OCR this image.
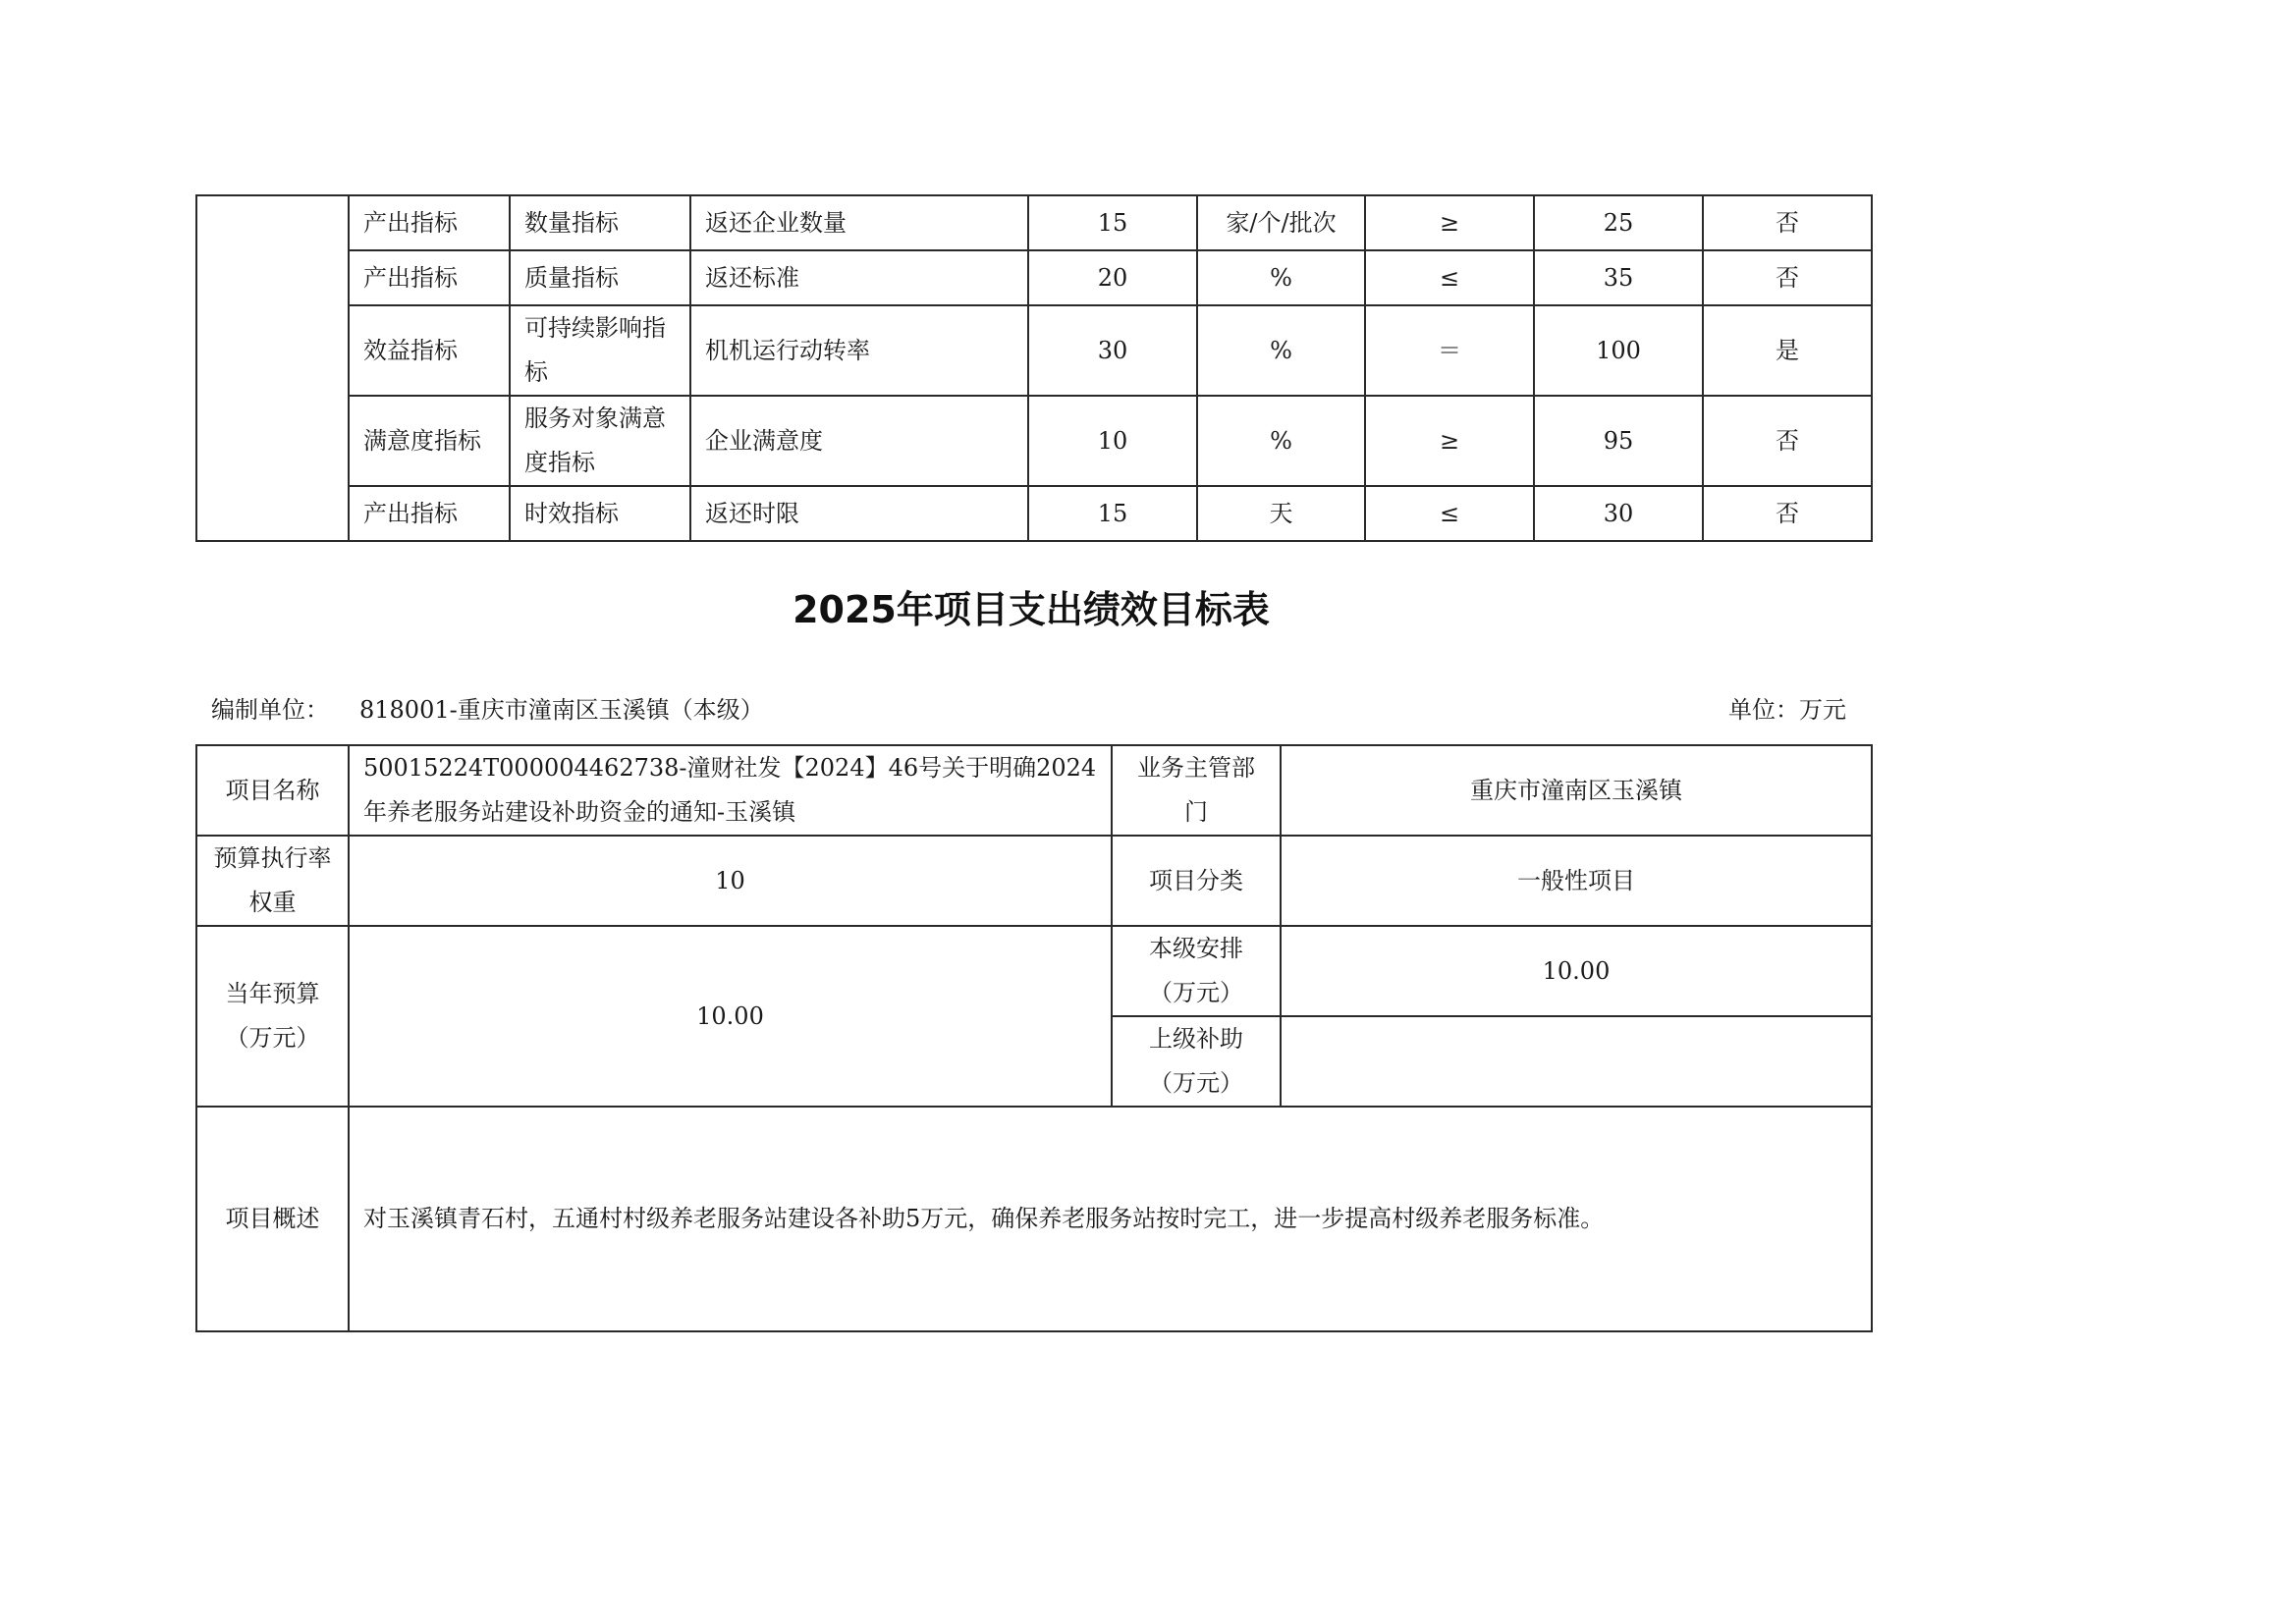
	产出指标	数量指标	返还企业数量	15	家/个/批次	≥	25	否
	产出指标	质量指标	返还标准	20	%	≤	35	否
	效益指标	可持续影响指标	机机运行动转率	30	%	＝	100	是
	满意度指标	服务对象满意度指标	企业满意度	10	%	≥	95	否
	产出指标	时效指标	返还时限	15	天	≤	30	否
2025年项目支出绩效目标表
编制单位： 818001-重庆市潼南区玉溪镇（本级）	单位：万元
项目名称	50015224T000004462738-潼财社发【2024】46号关于明确2024年养老服务站建设补助资金的通知-玉溪镇	业务主管部门	重庆市潼南区玉溪镇
预算执行率权重	10	项目分类	一般性项目
当年预算（万元）	10.00	本级安排（万元）	10.00
		上级补助（万元）	
项目概述	对玉溪镇青石村，五通村村级养老服务站建设各补助5万元，确保养老服务站按时完工，进一步提高村级养老服务标准。		
